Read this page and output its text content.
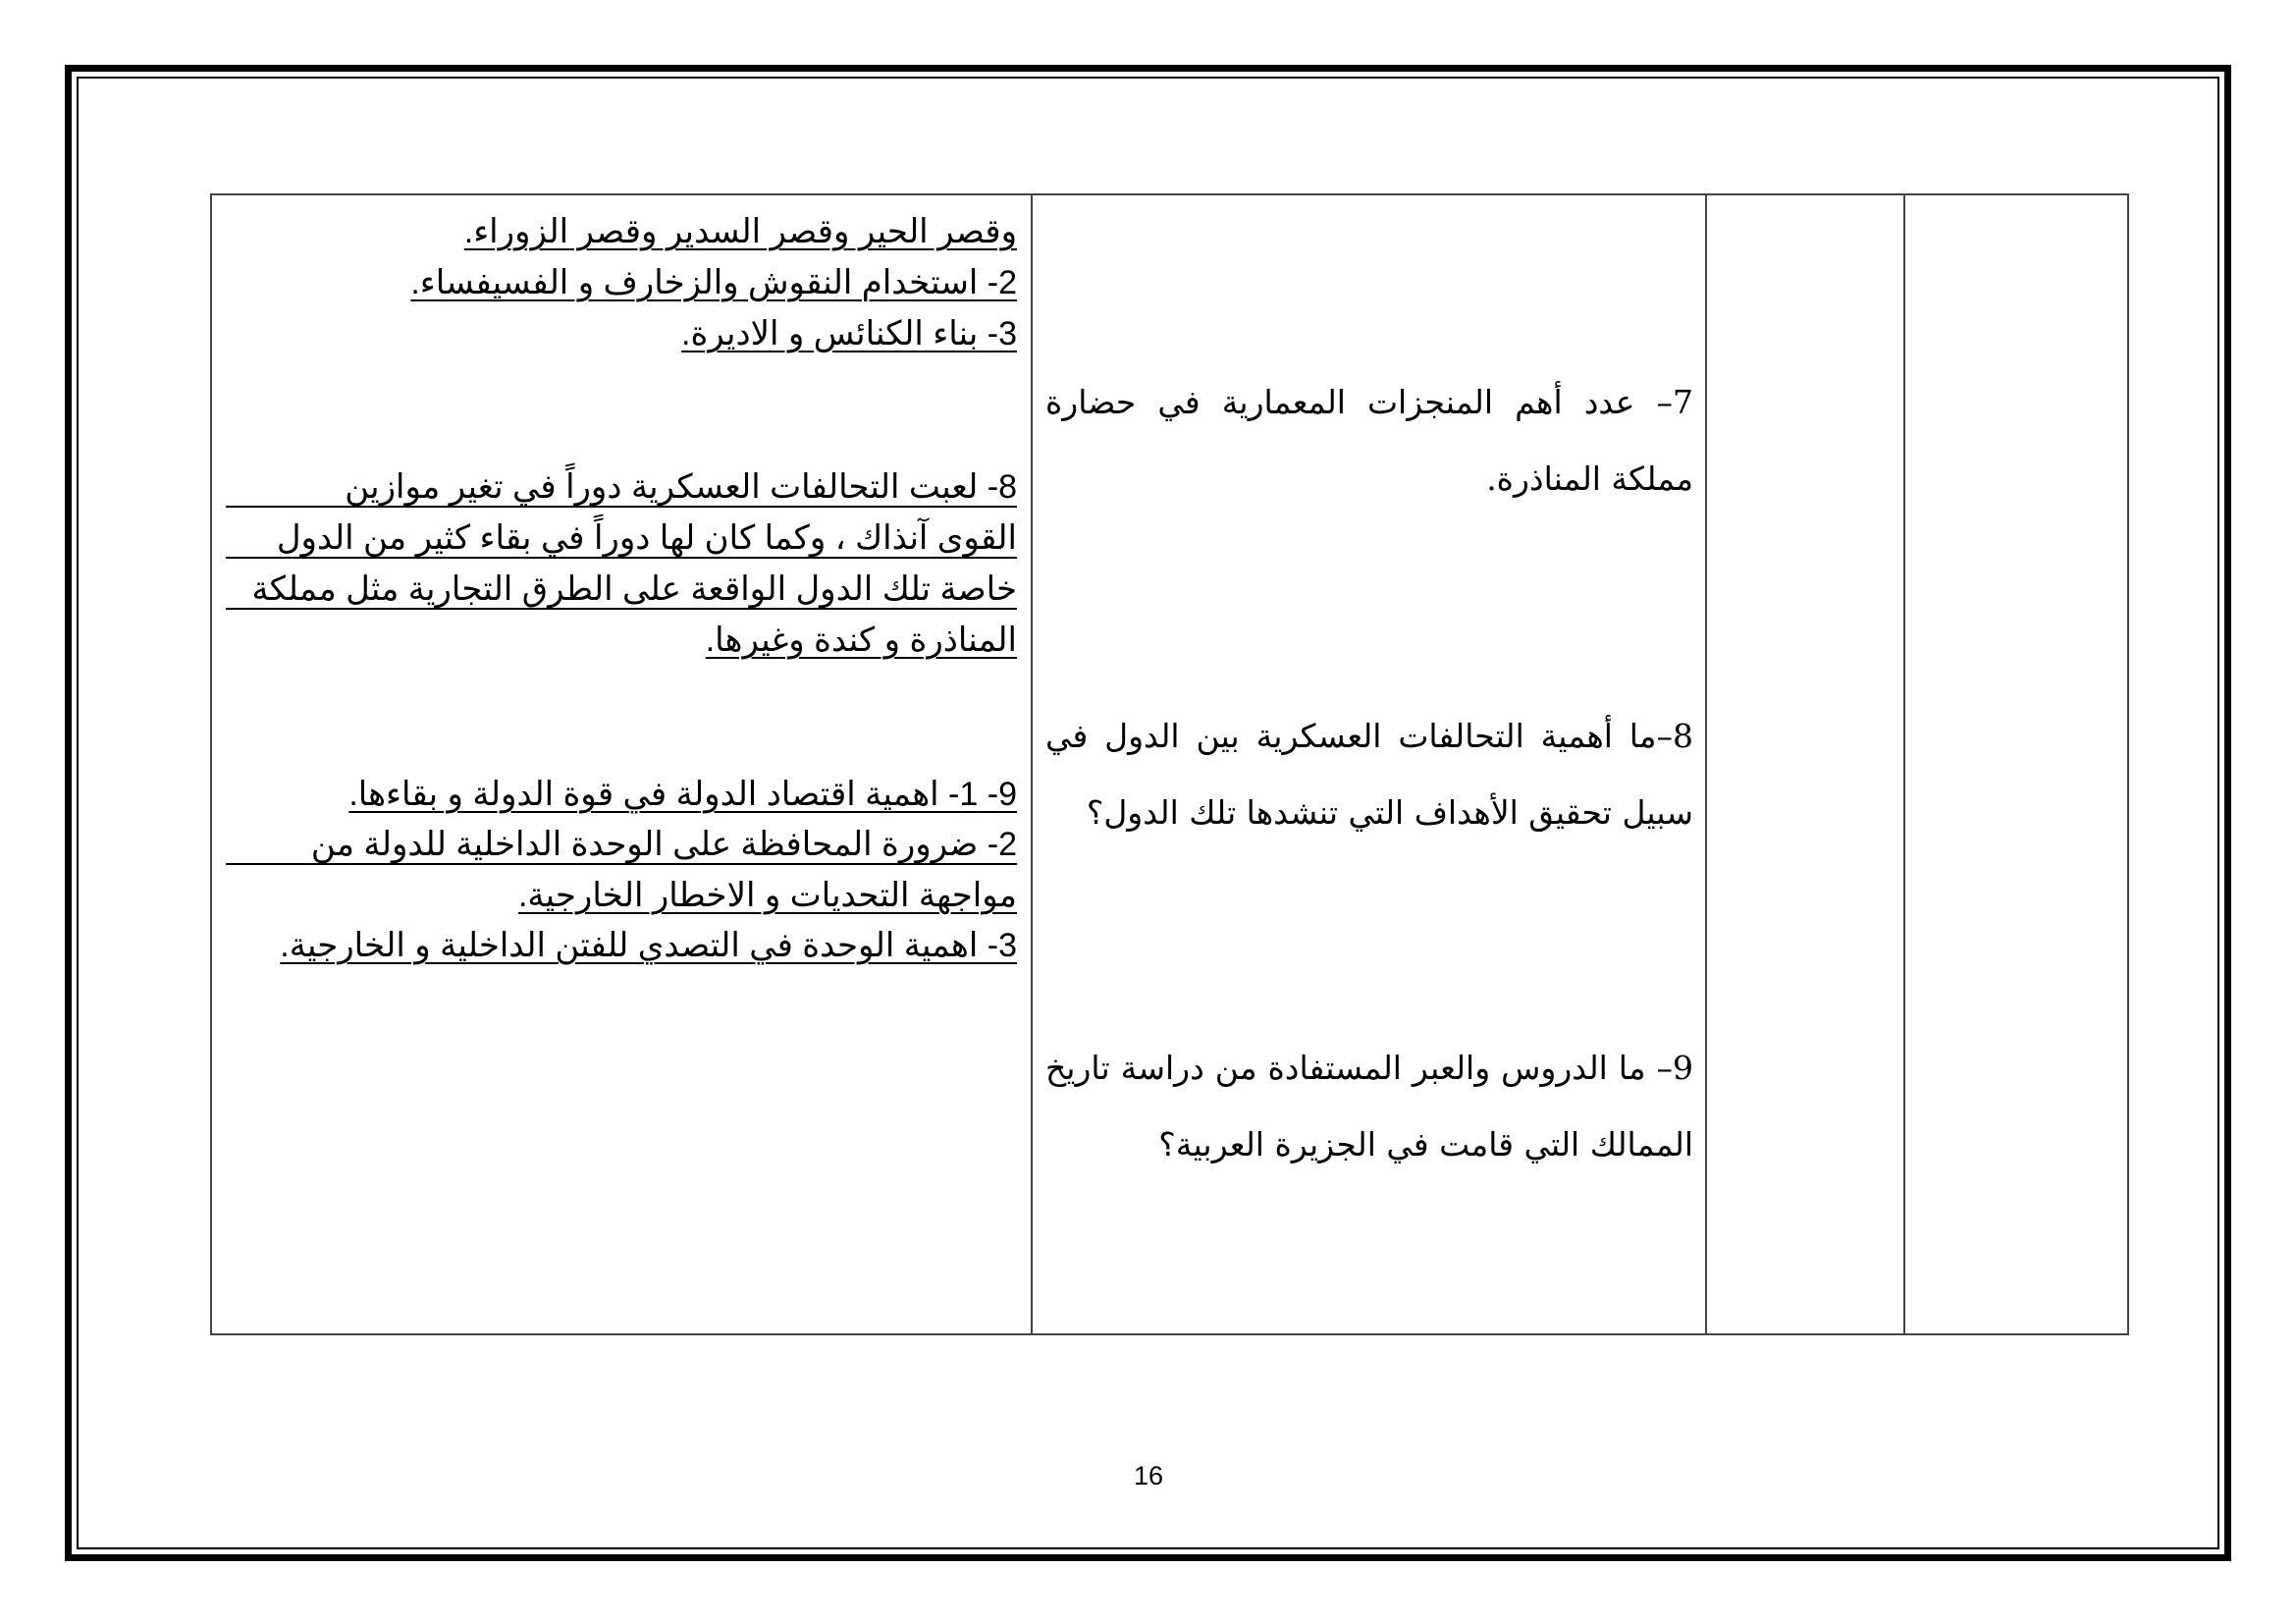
وقصر الحير وقصر السدير وقصر الزوراء.
2- استخدام النقوش والزخارف و الفسيفساء.
3- بناء الكنائس و الاديرة.
8- لعبت التحالفات العسكرية دوراً في تغير موازين
القوى آنذاك ، وكما كان لها دوراً في بقاء كثير من الدول
خاصة تلك الدول الواقعة على الطرق التجارية مثل مملكة
المناذرة و كندة وغيرها.
9- 1- اهمية اقتصاد الدولة في قوة الدولة و بقاءها.
2- ضرورة المحافظة على الوحدة الداخلية للدولة من
مواجهة التحديات و الاخطار الخارجية.
3- اهمية الوحدة في التصدي للفتن الداخلية و الخارجية.
7– عدد أهم المنجزات المعمارية في حضارة مملكة المناذرة.
8–ما أهمية التحالفات العسكرية بين الدول في سبيل تحقيق الأهداف التي تنشدها تلك الدول؟
9– ما الدروس والعبر المستفادة من دراسة تاريخ الممالك التي قامت في الجزيرة العربية؟
16
